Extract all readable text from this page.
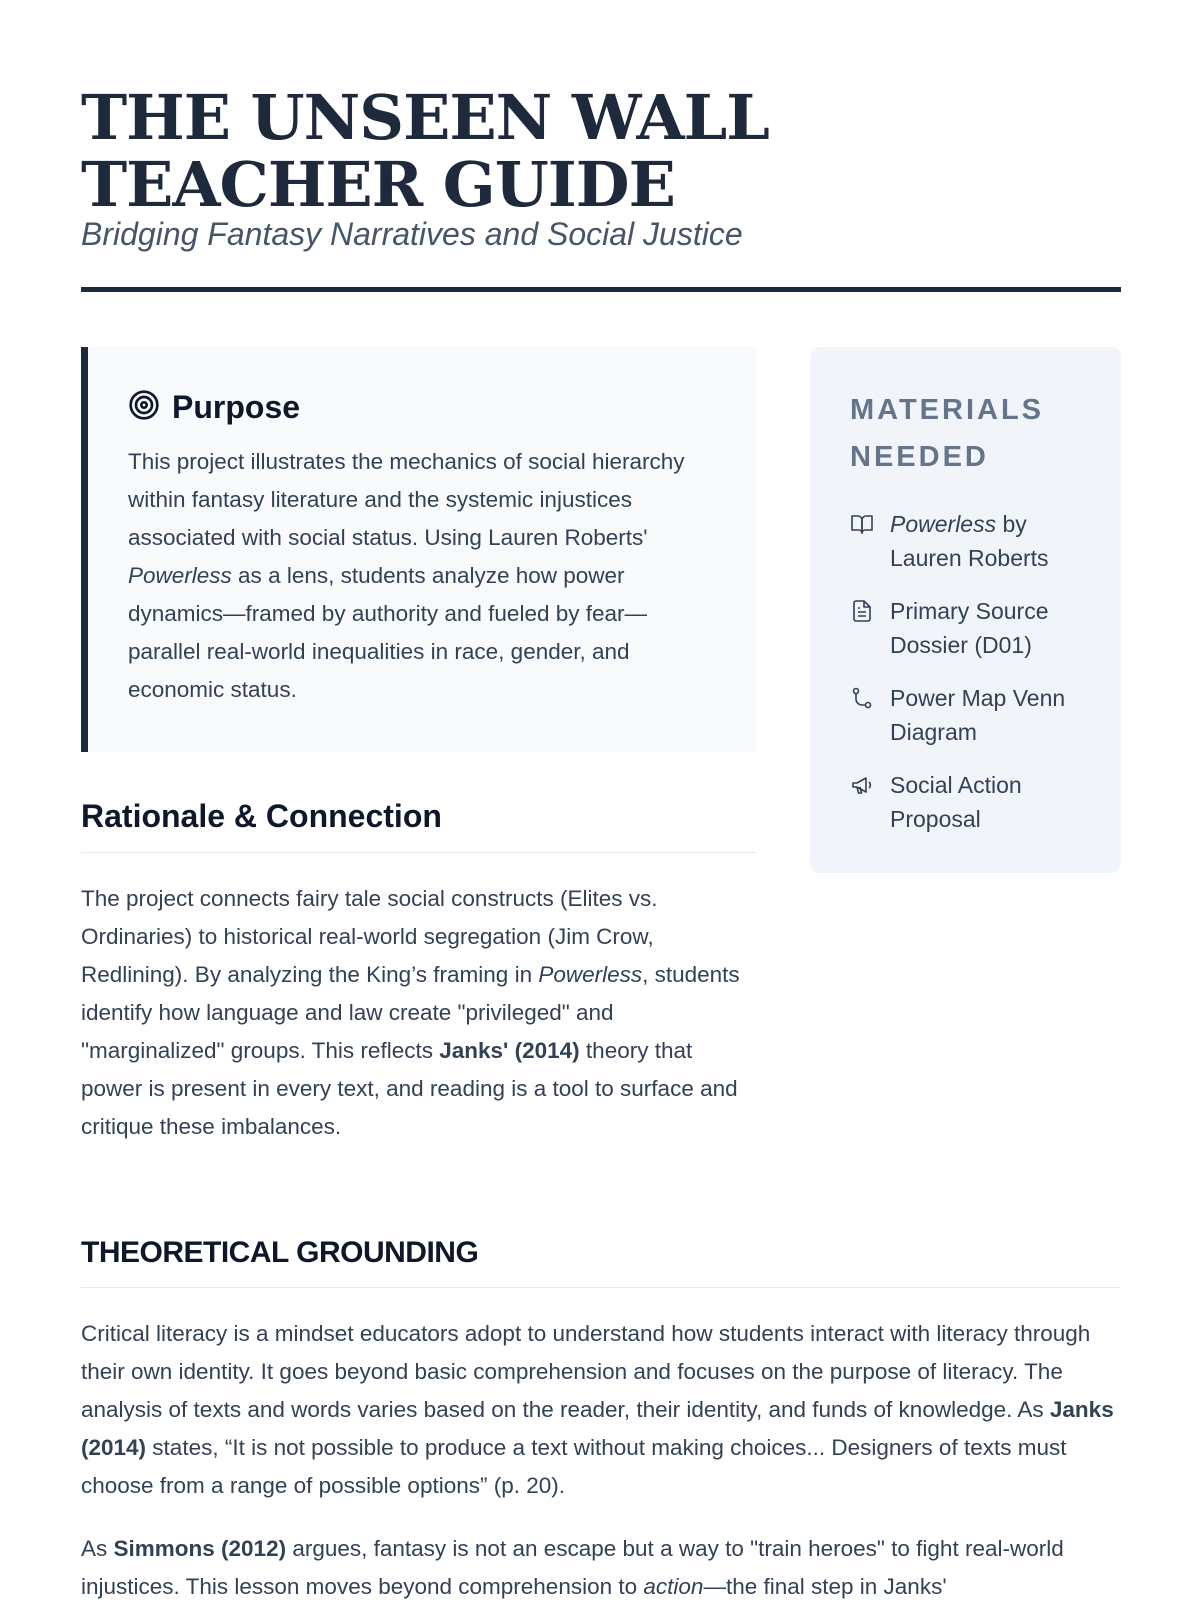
THE UNSEEN WALL TEACHER GUIDE
Bridging Fantasy Narratives and Social Justice
Purpose

This project illustrates the mechanics of social hierarchy within fantasy literature and the systemic injustices associated with social status. Using Lauren Roberts' Powerless as a lens, students analyze how power dynamics—framed by authority and fueled by fear—parallel real-world inequalities in race, gender, and economic status.

Rationale & Connection

The project connects fairy tale social constructs (Elites vs. Ordinaries) to historical real-world segregation (Jim Crow, Redlining). By analyzing the King’s framing in Powerless, students identify how language and law create "privileged" and "marginalized" groups. This reflects Janks' (2014) theory that power is present in every text, and reading is a tool to surface and critique these imbalances.

MATERIALS NEEDED
Powerless by Lauren Roberts
Primary Source Dossier (D01)
Power Map Venn Diagram
Social Action Proposal
THEORETICAL GROUNDING

Critical literacy is a mindset educators adopt to understand how students interact with literacy through their own identity. It goes beyond basic comprehension and focuses on the purpose of literacy. The analysis of texts and words varies based on the reader, their identity, and funds of knowledge. As Janks (2014) states, “It is not possible to produce a text without making choices... Designers of texts must choose from a range of possible options” (p. 20).

As Simmons (2012) argues, fantasy is not an escape but a way to "train heroes" to fight real-world injustices. This lesson moves beyond comprehension to action—the final step in Janks'
